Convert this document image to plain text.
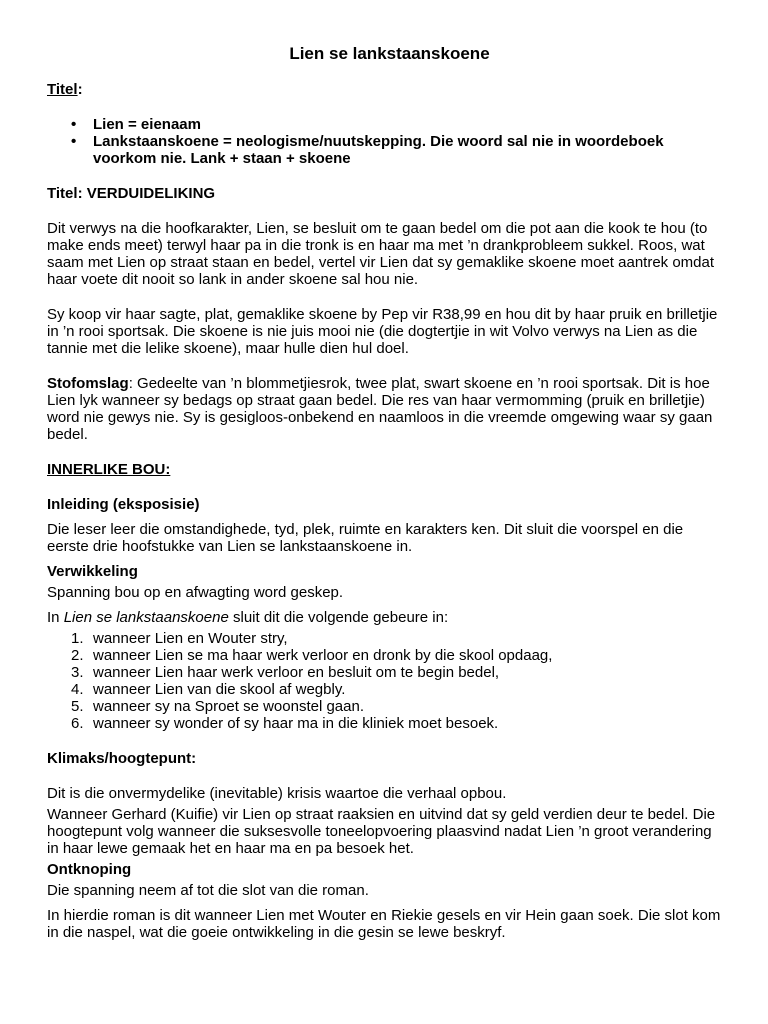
Lien se lankstaanskoene

Titel:

• Lien = eienaam
• Lankstaanskoene = neologisme/nuutskepping. Die woord sal nie in woordeboek voorkom nie. Lank + staan + skoene

Titel: VERDUIDELIKING

Dit verwys na die hoofkarakter, Lien, se besluit om te gaan bedel om die pot aan die kook te hou (to make ends meet) terwyl haar pa in die tronk is en haar ma met ’n drankprobleem sukkel. Roos, wat saam met Lien op straat staan en bedel, vertel vir Lien dat sy gemaklike skoene moet aantrek omdat haar voete dit nooit so lank in ander skoene sal hou nie.

Sy koop vir haar sagte, plat, gemaklike skoene by Pep vir R38,99 en hou dit by haar pruik en brilletjie in ’n rooi sportsak. Die skoene is nie juis mooi nie (die dogtertjie in wit Volvo verwys na Lien as die tannie met die lelike skoene), maar hulle dien hul doel.

Stofomslag: Gedeelte van ’n blommetjiesrok, twee plat, swart skoene en ’n rooi sportsak. Dit is hoe Lien lyk wanneer sy bedags op straat gaan bedel. Die res van haar vermomming (pruik en brilletjie) word nie gewys nie. Sy is gesigloos-onbekend en naamloos in die vreemde omgewing waar sy gaan bedel.

INNERLIKE BOU:

Inleiding (eksposisie)

Die leser leer die omstandighede, tyd, plek, ruimte en karakters ken. Dit sluit die voorspel en die eerste drie hoofstukke van Lien se lankstaanskoene in.

Verwikkeling

Spanning bou op en afwagting word geskep.

In Lien se lankstaanskoene sluit dit die volgende gebeure in:

1. wanneer Lien en Wouter stry,
2. wanneer Lien se ma haar werk verloor en dronk by die skool opdaag,
3. wanneer Lien haar werk verloor en besluit om te begin bedel,
4. wanneer Lien van die skool af wegbly.
5. wanneer sy na Sproet se woonstel gaan.
6. wanneer sy wonder of sy haar ma in die kliniek moet besoek.

Klimaks/hoogtepunt:

Dit is die onvermydelike (inevitable) krisis waartoe die verhaal opbou.

Wanneer Gerhard (Kuifie) vir Lien op straat raaksien en uitvind dat sy geld verdien deur te bedel. Die hoogtepunt volg wanneer die suksesvolle toneelopvoering plaasvind nadat Lien ’n groot verandering in haar lewe gemaak het en haar ma en pa besoek het.

Ontknoping

Die spanning neem af tot die slot van die roman.

In hierdie roman is dit wanneer Lien met Wouter en Riekie gesels en vir Hein gaan soek. Die slot kom in die naspel, wat die goeie ontwikkeling in die gesin se lewe beskryf.
